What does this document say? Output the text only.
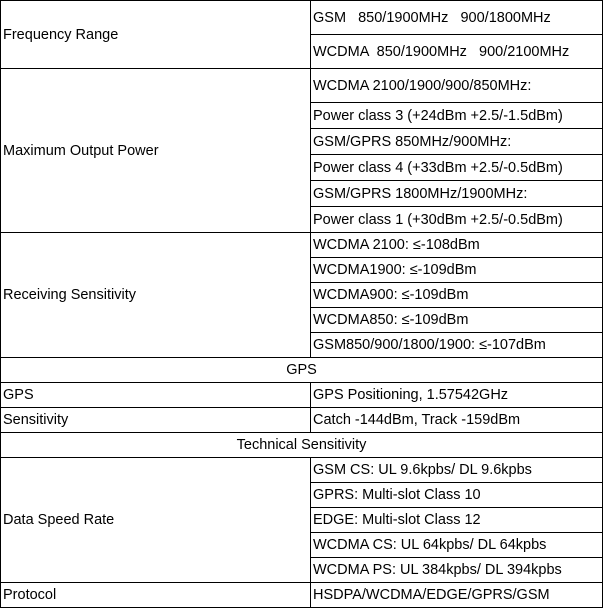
Frequency Range	GSM   850/1900MHz   900/1800MHz
	WCDMA  850/1900MHz   900/2100MHz
Maximum Output Power	WCDMA 2100/1900/900/850MHz:
	Power class 3 (+24dBm +2.5/-1.5dBm)
	GSM/GPRS 850MHz/900MHz:
	Power class 4 (+33dBm +2.5/-0.5dBm)
	GSM/GPRS 1800MHz/1900MHz:
	Power class 1 (+30dBm +2.5/-0.5dBm)
Receiving Sensitivity	WCDMA 2100: ≤-108dBm
	WCDMA1900: ≤-109dBm
	WCDMA900: ≤-109dBm
	WCDMA850: ≤-109dBm
	GSM850/900/1800/1900: ≤-107dBm
GPS	
GPS	GPS Positioning, 1.57542GHz
Sensitivity	Catch -144dBm, Track -159dBm
Technical Sensitivity	
Data Speed Rate	GSM CS: UL 9.6kpbs/ DL 9.6kpbs
	GPRS: Multi-slot Class 10
	EDGE: Multi-slot Class 12
	WCDMA CS: UL 64kpbs/ DL 64kpbs
	WCDMA PS: UL 384kpbs/ DL 394kpbs
Protocol	HSDPA/WCDMA/EDGE/GPRS/GSM
